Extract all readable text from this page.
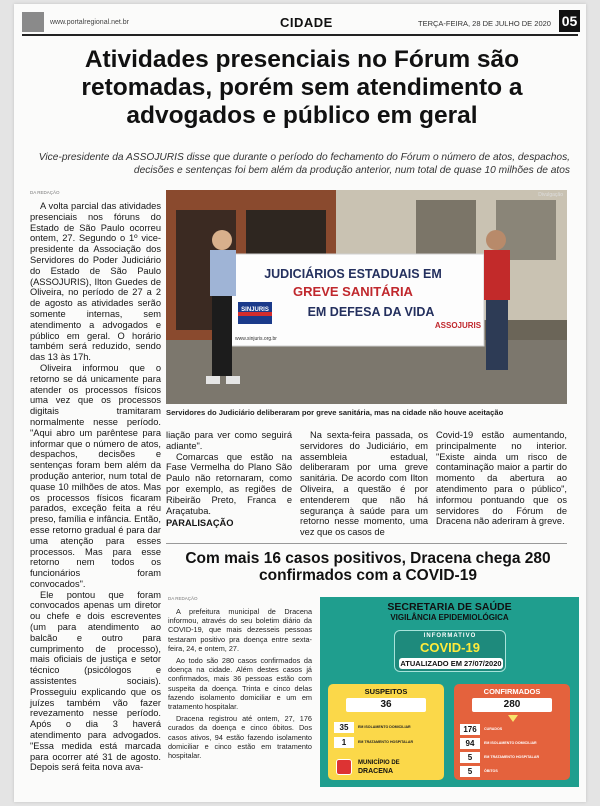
www.portalregional.net.br	CIDADE	TERÇA-FEIRA, 28 DE JULHO DE 2020 05
Atividades presenciais no Fórum são retomadas, porém sem atendimento a advogados e público em geral
Vice-presidente da ASSOJURIS disse que durante o período do fechamento do Fórum o número de atos, despachos, decisões e sentenças foi bem além da produção anterior, num total de quase 10 milhões de atos
DA REDAÇÃO

A volta parcial das atividades presenciais nos fóruns do Estado de São Paulo ocorreu ontem, 27. Segundo o 1º vice-presidente da Associação dos Servidores do Poder Judiciário do Estado de São Paulo (ASSOJURIS), Ilton Guedes de Oliveira, no período de 27 a 2 de agosto as atividades serão somente internas, sem atendimento a advogados e público em geral. O horário também será reduzido, sendo das 13 às 17h.

Oliveira informou que o retorno se dá unicamente para atender os processos físicos uma vez que os processos digitais tramitaram normalmente nesse período. "Aqui abro um parêntese para informar que o número de atos, despachos, decisões e sentenças foram bem além da produção anterior, num total de quase 10 milhões de atos. Mas os processos físicos ficaram parados, exceção feita a réu preso, família e infância. Então, esse retorno gradual é para dar uma atenção para esses processos. Mas para esse retorno nem todos os funcionários foram convocados".

Ele pontou que foram convocados apenas um diretor ou chefe e dois escreventes (um para atendimento ao balcão e outro para cumprimento de processo), mais oficiais de justiça e setor técnico (psicólogos e assistentes sociais). Prosseguiu explicando que os juízes também vão fazer revezamento nesse período. Após o dia 3 haverá atendimento para advogados. "Essa medida está marcada para ocorrer até 31 de agosto. Depois será feita nova ava-

JUDICIÁRIOS ESTADUAIS EM
GREVE SANITÁRIA
EM DEFESA DA VIDA
SINJURIS
ASSOJURIS
www.sinjuris.org.br
Divulgação
Servidores do Judiciário deliberaram por greve sanitária, mas na cidade não houve aceitação

liação para ver como seguirá adiante".

Comarcas que estão na Fase Vermelha do Plano São Paulo não retornaram, como por exemplo, as regiões de Ribeirão Preto, Franca e Araçatuba.

PARALISAÇÃO

Na sexta-feira passada, os servidores do Judiciário, em assembleia estadual, deliberaram por uma greve sanitária. De acordo com Ilton Oliveira, a questão é por entenderem que não há segurança à saúde para um retorno nesse momento, uma vez que os casos de

Covid-19 estão aumentando, principalmente no interior. "Existe ainda um risco de contaminação maior a partir do momento da abertura ao atendimento para o público", informou pontuando que os servidores do Fórum de Dracena não aderiram à greve.

Com mais 16 casos positivos, Dracena chega 280 confirmados com a COVID-19
DA REDAÇÃO

A prefeitura municipal de Dracena informou, através do seu boletim diário da COVID-19, que mais dezesseis pessoas testaram positivo pra doença entre sexta-feira, 24, e ontem, 27.

Ao todo são 280 casos confirmados da doença na cidade. Além destes casos já confirmados, mais 36 pessoas estão com suspeita da doença. Trinta e cinco delas fazendo isolamento domiciliar e um em tratamento hospitalar.

Dracena registrou até ontem, 27, 176 curados da doença e cinco óbitos. Dos casos ativos, 94 estão fazendo isolamento domiciliar e cinco estão em tratamento hospitalar.

SECRETARIA DE SAÚDE
VIGILÂNCIA EPIDEMIOLÓGICA
INFORMATIVO
COVID-19
ATUALIZADO EM 27/07/2020
SUSPEITOS
36
35	EM ISOLAMENTO DOMICILIAR
1	EM TRATAMENTO HOSPITALAR
CONFIRMADOS
280
176	CURADOS
94	EM ISOLAMENTO DOMICILIAR
5	EM TRATAMENTO HOSPITALAR
5	ÓBITOS
MUNICÍPIO DE
DRACENA
